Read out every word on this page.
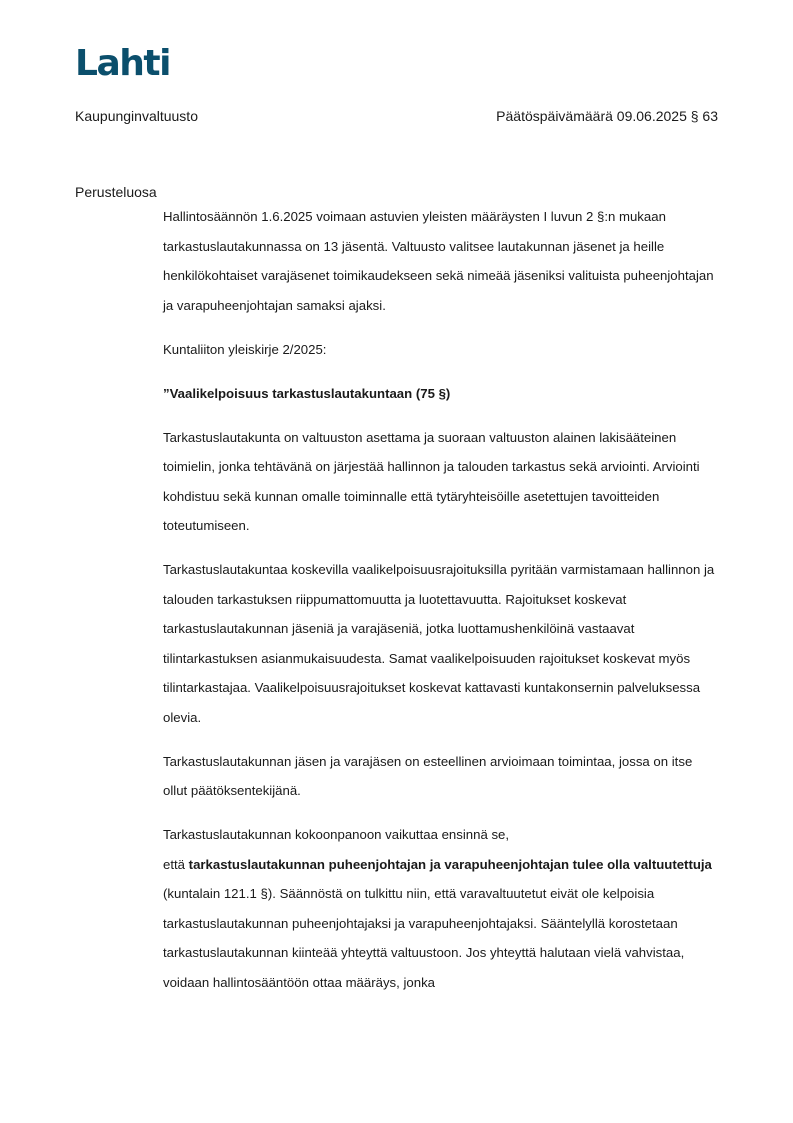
Lahti
Kaupunginvaltuusto	Päätöspäivämäärä 09.06.2025 § 63
Perusteluosa

Hallintosäännön 1.6.2025 voimaan astuvien yleisten määräysten I luvun 2 §:n mukaan tarkastuslautakunnassa on 13 jäsentä. Valtuusto valitsee lautakunnan jäsenet ja heille henkilökohtaiset varajäsenet toimikaudekseen sekä nimeää jäseniksi valituista puheenjohtajan ja varapuheenjohtajan samaksi ajaksi.

Kuntaliiton yleiskirje 2/2025:

”Vaalikelpoisuus tarkastuslautakuntaan (75 §)

Tarkastuslautakunta on valtuuston asettama ja suoraan valtuuston alainen lakisääteinen toimielin, jonka tehtävänä on järjestää hallinnon ja talouden tarkastus sekä arviointi. Arviointi kohdistuu sekä kunnan omalle toiminnalle että tytäryhteisöille asetettujen tavoitteiden toteutumiseen.

Tarkastuslautakuntaa koskevilla vaalikelpoisuusrajoituksilla pyritään varmistamaan hallinnon ja talouden tarkastuksen riippumattomuutta ja luotettavuutta. Rajoitukset koskevat tarkastuslautakunnan jäseniä ja varajäseniä, jotka luottamushenkilöinä vastaavat tilintarkastuksen asianmukaisuudesta. Samat vaalikelpoisuuden rajoitukset koskevat myös tilintarkastajaa. Vaalikelpoisuusrajoitukset koskevat kattavasti kuntakonsernin palveluksessa olevia.

Tarkastuslautakunnan jäsen ja varajäsen on esteellinen arvioimaan toimintaa, jossa on itse ollut päätöksentekijänä.

Tarkastuslautakunnan kokoonpanoon vaikuttaa ensinnä se,
että tarkastuslautakunnan puheenjohtajan ja varapuheenjohtajan tulee olla valtuutettuja (kuntalain 121.1 §). Säännöstä on tulkittu niin, että varavaltuutetut eivät ole kelpoisia tarkastuslautakunnan puheenjohtajaksi ja varapuheenjohtajaksi. Sääntelyllä korostetaan tarkastuslautakunnan kiinteää yhteyttä valtuustoon. Jos yhteyttä halutaan vielä vahvistaa, voidaan hallintosääntöön ottaa määräys, jonka
